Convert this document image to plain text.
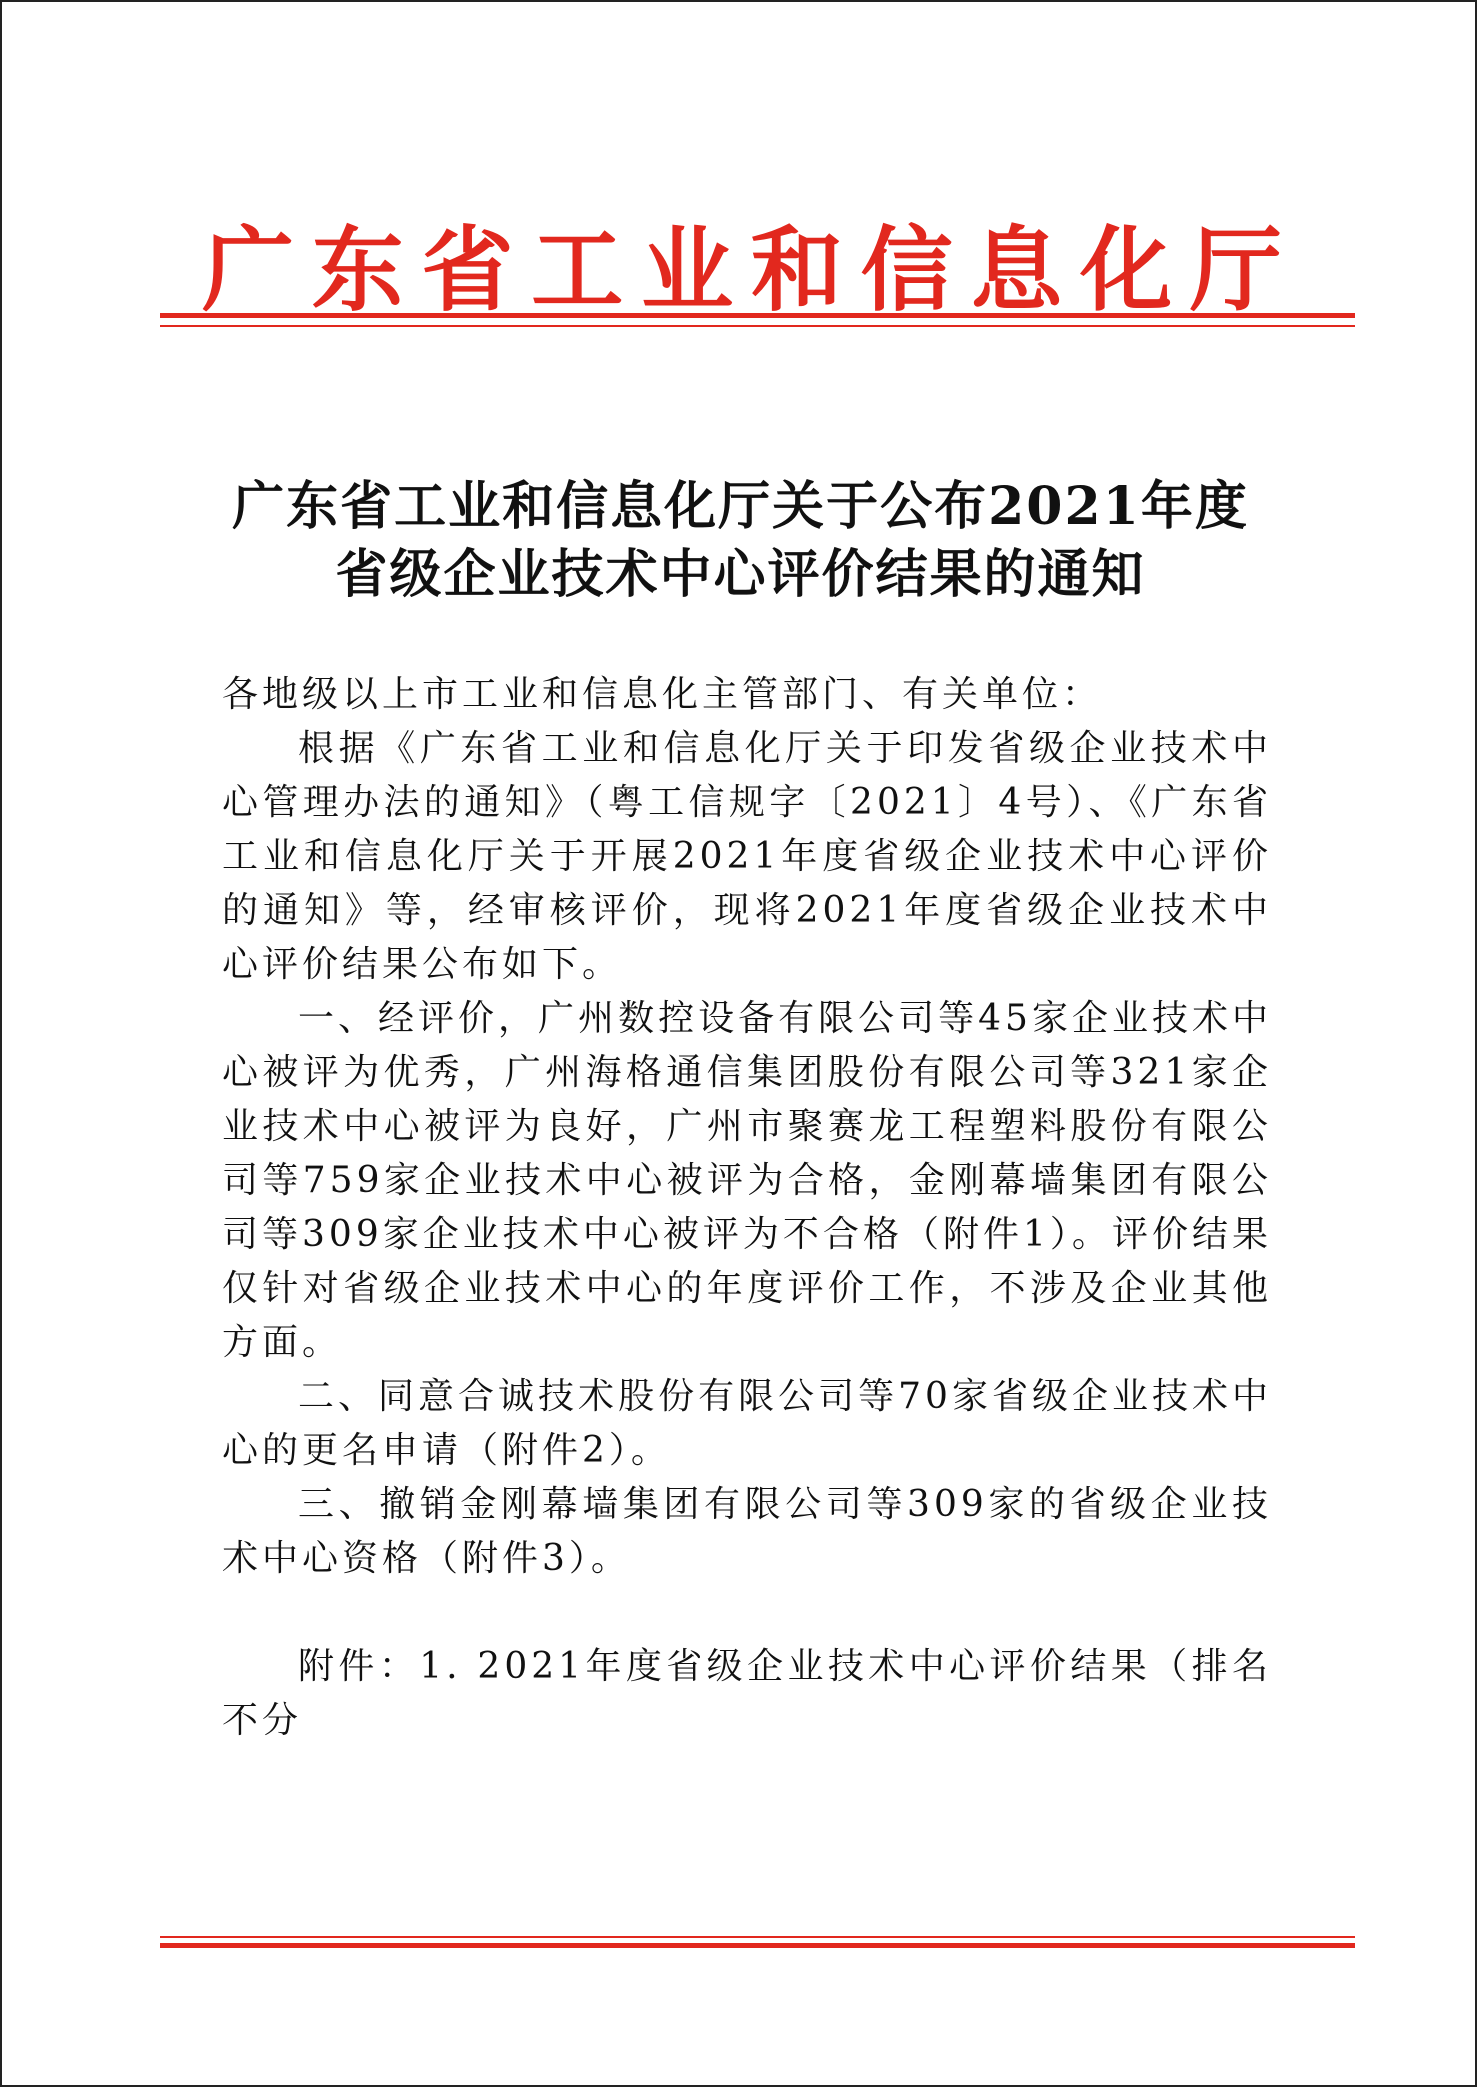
广 东 省 工 业 和 信 息 化 厅
广东省工业和信息化厅关于公布2021年度
省级企业技术中心评价结果的通知

各地级以上市工业和信息化主管部门、有关单位：

根据《广东省工业和信息化厅关于印发省级企业技术中心管理办法的通知》（粤工信规字〔2021〕4号）、《广东省工业和信息化厅关于开展2021年度省级企业技术中心评价的通知》等，经审核评价，现将2021年度省级企业技术中心评价结果公布如下。

一、经评价，广州数控设备有限公司等45家企业技术中心被评为优秀，广州海格通信集团股份有限公司等321家企业技术中心被评为良好，广州市聚赛龙工程塑料股份有限公司等759家企业技术中心被评为合格，金刚幕墙集团有限公司等309家企业技术中心被评为不合格（附件1）。评价结果仅针对省级企业技术中心的年度评价工作，不涉及企业其他方面。

二、同意合诚技术股份有限公司等70家省级企业技术中心的更名申请（附件2）。

三、撤销金刚幕墙集团有限公司等309家的省级企业技术中心资格（附件3）。

附件：1. 2021年度省级企业技术中心评价结果（排名不分
